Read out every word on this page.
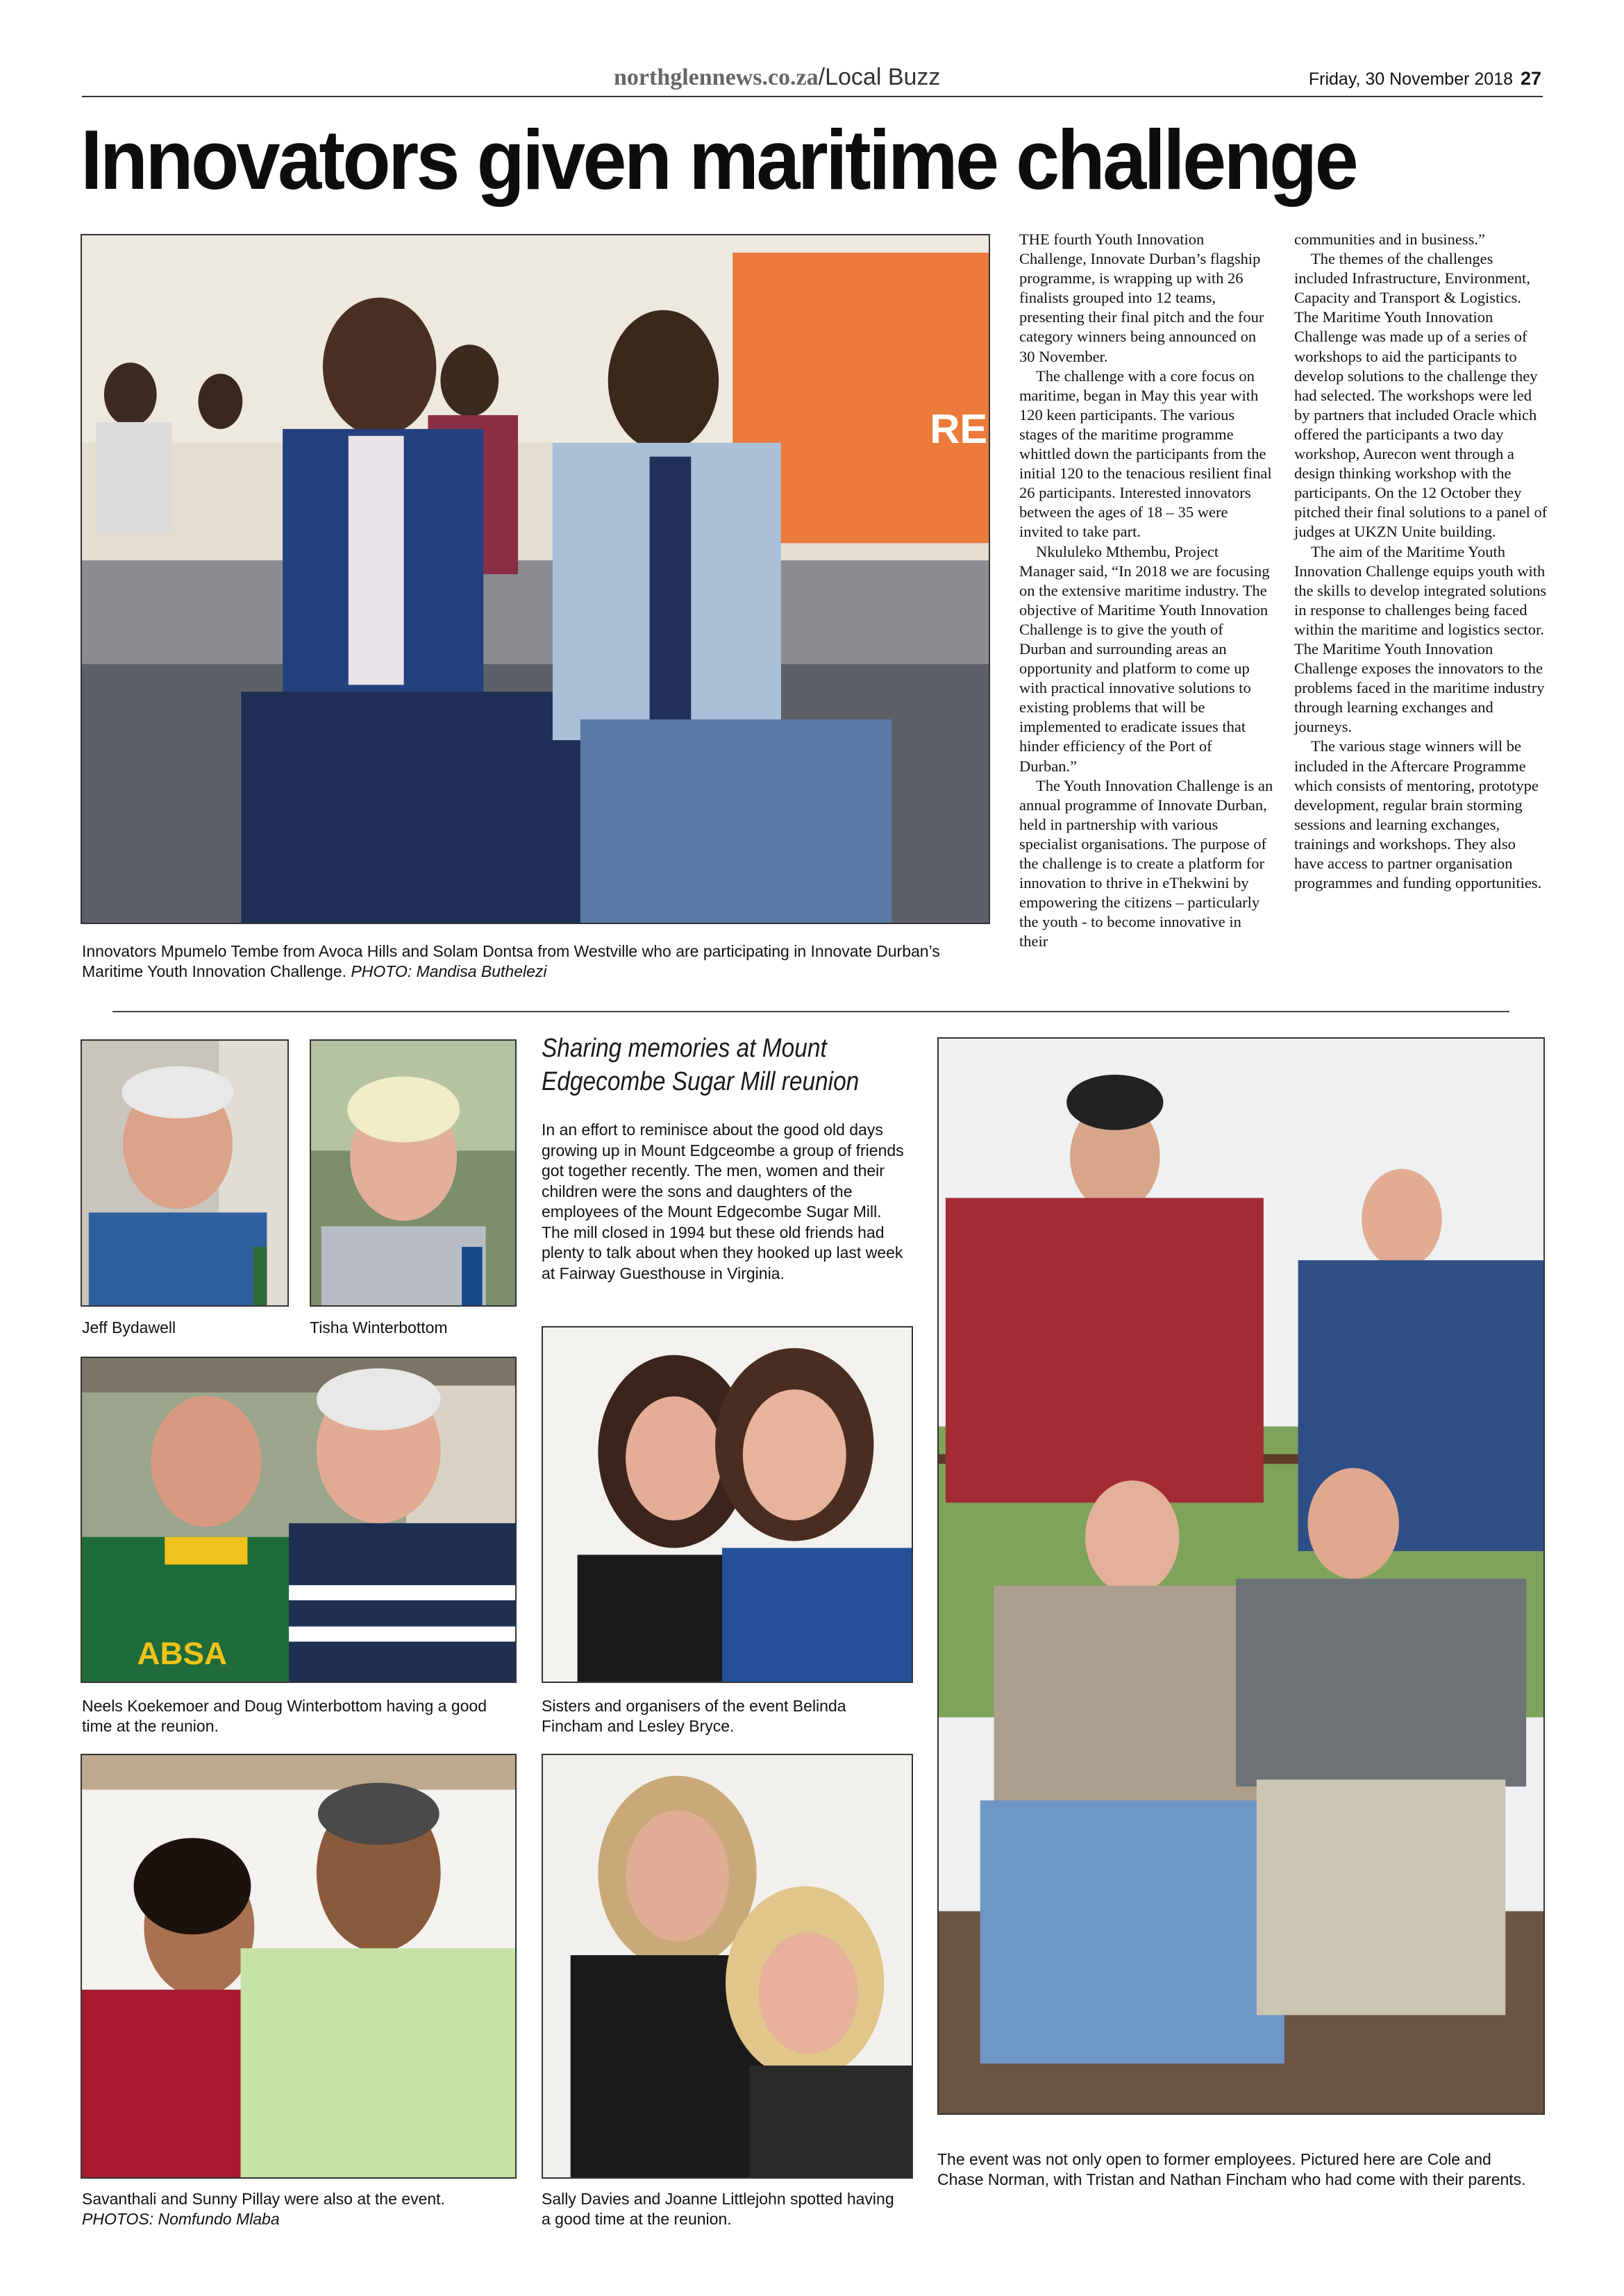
northglennews.co.za/Local Buzz	Friday, 30 November 2018 27
Innovators given maritime challenge
RE
Innovators Mpumelo Tembe from Avoca Hills and Solam Dontsa from Westville who are participating in Innovate Durban’s Maritime Youth Innovation Challenge. PHOTO: Mandisa Buthelezi

THE fourth Youth Innovation Challenge, Innovate Durban’s flagship programme, is wrapping up with 26 finalists grouped into 12 teams, presenting their final pitch and the four category winners being announced on 30 November.

The challenge with a core focus on maritime, began in May this year with 120 keen participants. The various stages of the maritime programme whittled down the participants from the initial 120 to the tenacious resilient final 26 participants. Interested innovators between the ages of 18 – 35 were invited to take part.

Nkululeko Mthembu, Project Manager said, “In 2018 we are focusing on the extensive maritime industry. The objective of Maritime Youth Innovation Challenge is to give the youth of Durban and surrounding areas an opportunity and platform to come up with practical innovative solutions to existing problems that will be implemented to eradicate issues that hinder efficiency of the Port of Durban.”

The Youth Innovation Challenge is an annual programme of Innovate Durban, held in partnership with various specialist organisations. The purpose of the challenge is to create a platform for innovation to thrive in eThekwini by empowering the citizens – particularly the youth - to become innovative in their

communities and in business.”

The themes of the challenges included Infrastructure, Environment, Capacity and Transport & Logistics. The Maritime Youth Innovation Challenge was made up of a series of workshops to aid the participants to develop solutions to the challenge they had selected. The workshops were led by partners that included Oracle which offered the participants a two day workshop, Aurecon went through a design thinking workshop with the participants. On the 12 October they pitched their final solutions to a panel of judges at UKZN Unite building.

The aim of the Maritime Youth Innovation Challenge equips youth with the skills to develop integrated solutions in response to challenges being faced within the maritime and logistics sector. The Maritime Youth Innovation Challenge exposes the innovators to the problems faced in the maritime industry through learning exchanges and journeys.

The various stage winners will be included in the Aftercare Programme which consists of mentoring, prototype development, regular brain storming sessions and learning exchanges, trainings and workshops. They also have access to partner organisation programmes and funding opportunities.

Jeff Bydawell	Tisha Winterbottom
Sharing memories at Mount
Edgecombe Sugar Mill reunion

In an effort to reminisce about the good old days growing up in Mount Edgceombe a group of friends got together recently. The men, women and their children were the sons and daughters of the employees of the Mount Edgecombe Sugar Mill. The mill closed in 1994 but these old friends had plenty to talk about when they hooked up last week at Fairway Guesthouse in Virginia.

ABSA
Neels Koekemoer and Doug Winterbottom having a good time at the reunion.
Sisters and organisers of the event Belinda Fincham and Lesley Bryce.
Savanthali and Sunny Pillay were also at the event.
PHOTOS: Nomfundo Mlaba
Sally Davies and Joanne Littlejohn spotted having a good time at the reunion.
The event was not only open to former employees. Pictured here are Cole and Chase Norman, with Tristan and Nathan Fincham who had come with their parents.
